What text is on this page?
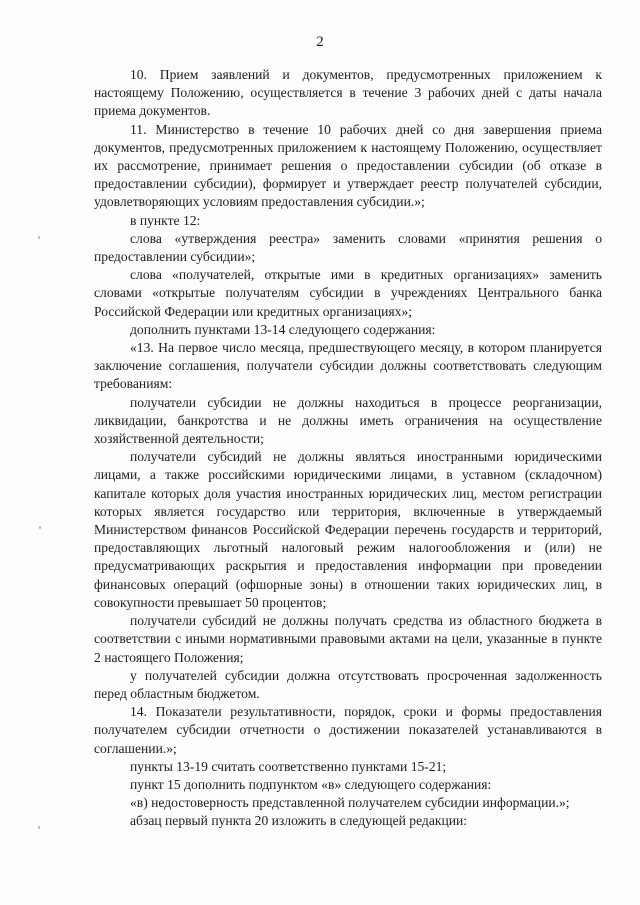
2

10. Прием заявлений и документов, предусмотренных приложением к настоящему Положению, осуществляется в течение 3 рабочих дней с даты начала приема документов.

11. Министерство в течение 10 рабочих дней со дня завершения приема документов, предусмотренных приложением к настоящему Положению, осуществляет их рассмотрение, принимает решения о предоставлении субсидии (об отказе в предоставлении субсидии), формирует и утверждает реестр получателей субсидии, удовлетворяющих условиям предоставления субсидии.»;

в пункте 12:

слова «утверждения реестра» заменить словами «принятия решения о предоставлении субсидии»;

слова «получателей, открытые ими в кредитных организациях» заменить словами «открытые получателям субсидии в учреждениях Центрального банка Российской Федерации или кредитных организациях»;

дополнить пунктами 13-14 следующего содержания:

«13. На первое число месяца, предшествующего месяцу, в котором планируется заключение соглашения, получатели субсидии должны соответствовать следующим требованиям:

получатели субсидии не должны находиться в процессе реорганизации, ликвидации, банкротства и не должны иметь ограничения на осуществление хозяйственной деятельности;

получатели субсидий не должны являться иностранными юридическими лицами, а также российскими юридическими лицами, в уставном (складочном) капитале которых доля участия иностранных юридических лиц, местом регистрации которых является государство или территория, включенные в утверждаемый Министерством финансов Российской Федерации перечень государств и территорий, предоставляющих льготный налоговый режим налогообложения и (или) не предусматривающих раскрытия и предоставления информации при проведении финансовых операций (офшорные зоны) в отношении таких юридических лиц, в совокупности превышает 50 процентов;

получатели субсидий не должны получать средства из областного бюджета в соответствии с иными нормативными правовыми актами на цели, указанные в пункте 2 настоящего Положения;

у получателей субсидии должна отсутствовать просроченная задолженность перед областным бюджетом.

14. Показатели результативности, порядок, сроки и формы предоставления получателем субсидии отчетности о достижении показателей устанавливаются в соглашении.»;

пункты 13-19 считать соответственно пунктами 15-21;

пункт 15 дополнить подпунктом «в» следующего содержания:

«в) недостоверность представленной получателем субсидии информации.»;

абзац первый пункта 20 изложить в следующей редакции:
